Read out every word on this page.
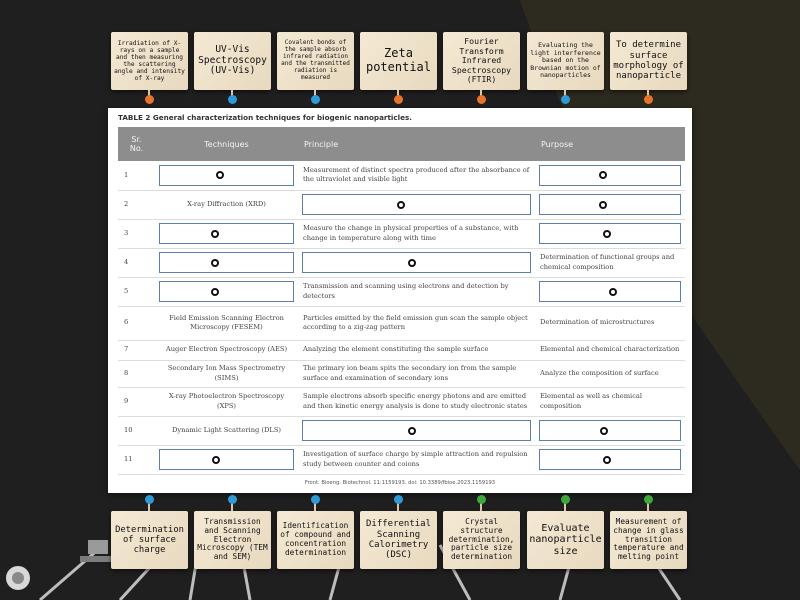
TABLE 2 General characterization techniques for biogenic nanoparticles.
Sr. No.	Techniques	Principle	Purpose
1		Measurement of distinct spectra produced after the absorbance of the ultraviolet and visible light	

2	X-ray Diffraction (XRD)	

3		Measure the change in physical properties of a substance, with change in temperature along with time	

4			Determination of functional groups and chemical composition
5		Transmission and scanning using electrons and detection by detectors	

6	Field Emission Scanning Electron Microscopy (FESEM)	Particles emitted by the field emission gun scan the sample object according to a zig-zag pattern	Determination of microstructures
7	Auger Electron Spectroscopy (AES)	Analyzing the element constituting the sample surface	Elemental and chemical characterization
8	Secondary Ion Mass Spectrometry (SIMS)	The primary ion beam spits the secondary ion from the sample surface and examination of secondary ions	Analyze the composition of surface
9	X-ray Photoelectron Spectroscopy (XPS)	Sample electrons absorb specific energy photons and are emitted and then kinetic energy analysis is done to study electronic states	Elemental as well as chemical composition
10	Dynamic Light Scattering (DLS)	

11		Investigation of surface charge by simple attraction and repulsion study between counter and coions	
Front. Bioeng. Biotechnol. 11:1159193. doi: 10.3389/fbioe.2023.1159193
Irradiation of X-rays on a sample and then measuring the scattering angle and intensity of X-ray
UV-Vis Spectroscopy (UV-Vis)
Covalent bonds of the sample absorb infrared radiation and the transmitted radiation is measured
Zeta potential
Fourier Transform Infrared Spectroscopy (FTIR)
Evaluating the light interference based on the Brownian motion of nanoparticles
To determine surface morphology of nanoparticle
Determination of surface charge
Transmission and Scanning Electron Microscopy (TEM and SEM)
Identification of compound and concentration determination
Differential Scanning Calorimetry (DSC)
Crystal structure determination, particle size determination
Evaluate nanoparticle size
Measurement of change in glass transition temperature and melting point
